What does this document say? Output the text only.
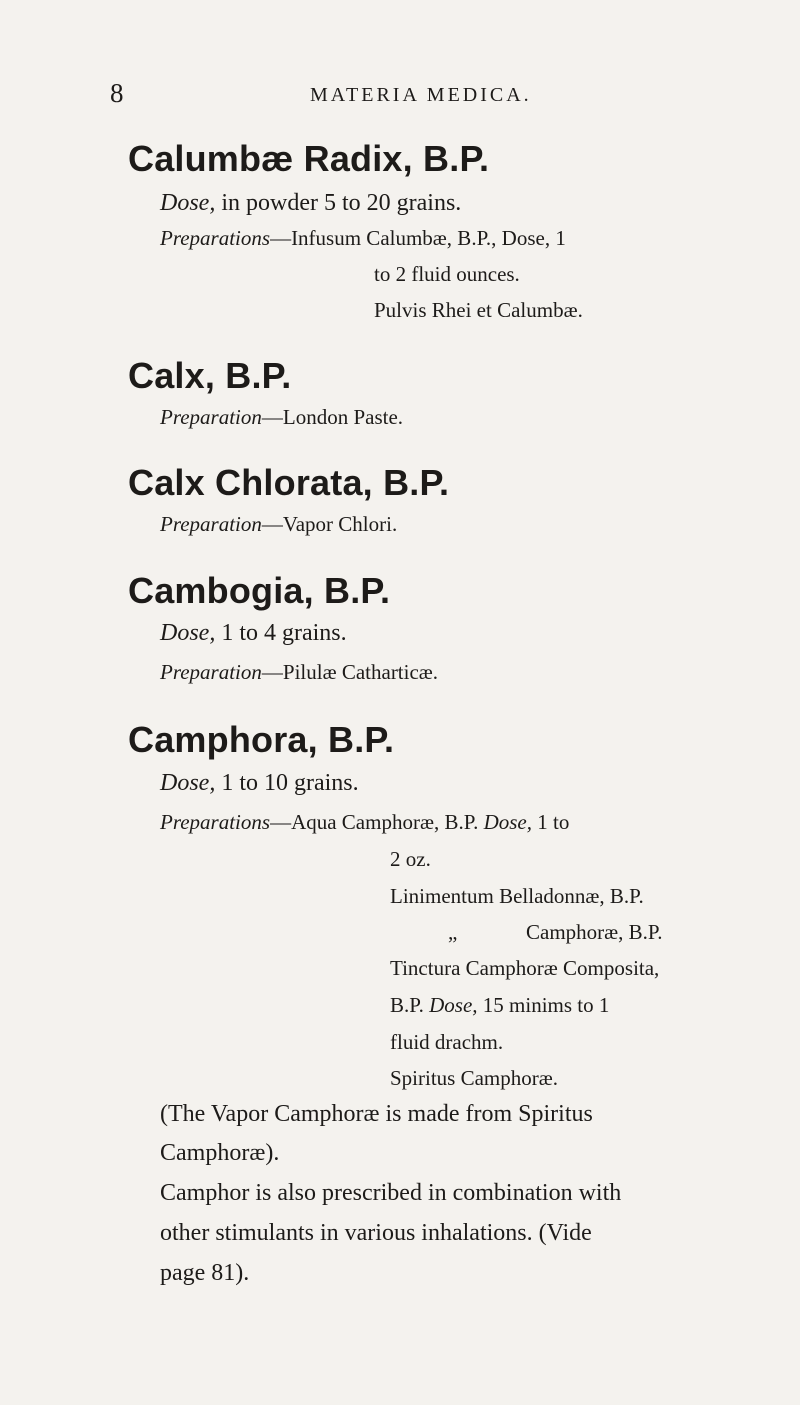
8	MATERIA MEDICA.
Calumbæ Radix, B.P.
Dose, in powder 5 to 20 grains.
Preparations—Infusum Calumbæ, B.P., Dose, 1
to 2 fluid ounces.
Pulvis Rhei et Calumbæ.
Calx, B.P.
Preparation—London Paste.
Calx Chlorata, B.P.
Preparation—Vapor Chlori.
Cambogia, B.P.
Dose, 1 to 4 grains.
Preparation—Pilulæ Catharticæ.
Camphora, B.P.
Dose, 1 to 10 grains.
Preparations—Aqua Camphoræ, B.P. Dose, 1 to
2 oz.
Linimentum Belladonnæ, B.P.
„	Camphoræ, B.P.
Tinctura Camphoræ Composita,
B.P. Dose, 15 minims to 1
fluid drachm.
Spiritus Camphoræ.
(The Vapor Camphoræ is made from Spiritus
Camphoræ).
Camphor is also prescribed in combination with
other stimulants in various inhalations. (Vide
page 81).
